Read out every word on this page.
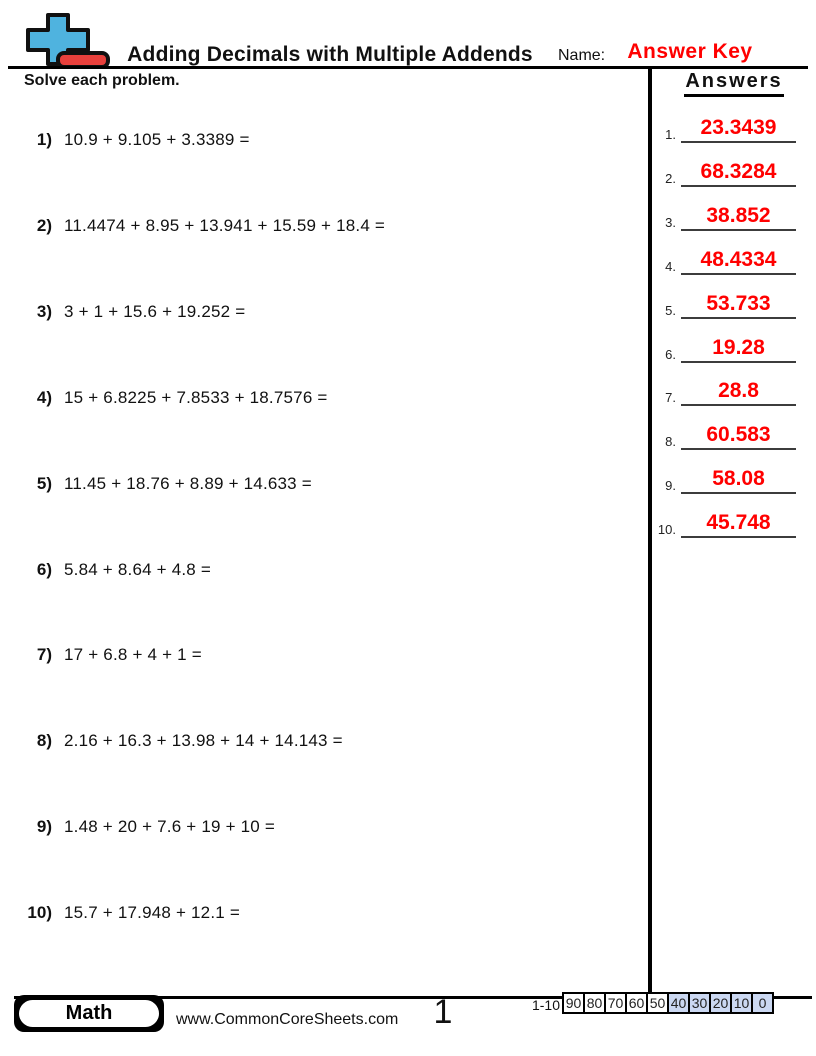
Adding Decimals with Multiple Addends	Name:	Answer Key
Solve each problem.	Answers
1.	23.3439
2.	68.3284
3.	38.852
4.	48.4334
5.	53.733
6.	19.28
7.	28.8
8.	60.583
9.	58.08
10.	45.748
1) 10.9 + 9.105 + 3.3389 =
2) 11.4474 + 8.95 + 13.941 + 15.59 + 18.4 =
3) 3 + 1 + 15.6 + 19.252 =
4) 15 + 6.8225 + 7.8533 + 18.7576 =
5) 11.45 + 18.76 + 8.89 + 14.633 =
6) 5.84 + 8.64 + 4.8 =
7) 17 + 6.8 + 4 + 1 =
8) 2.16 + 16.3 + 13.98 + 14 + 14.143 =
9) 1.48 + 20 + 7.6 + 19 + 10 =
10) 15.7 + 17.948 + 12.1 =
Math	www.CommonCoreSheets.com	1	1-10 90 80 70 60 50 40 30 20 10 0
